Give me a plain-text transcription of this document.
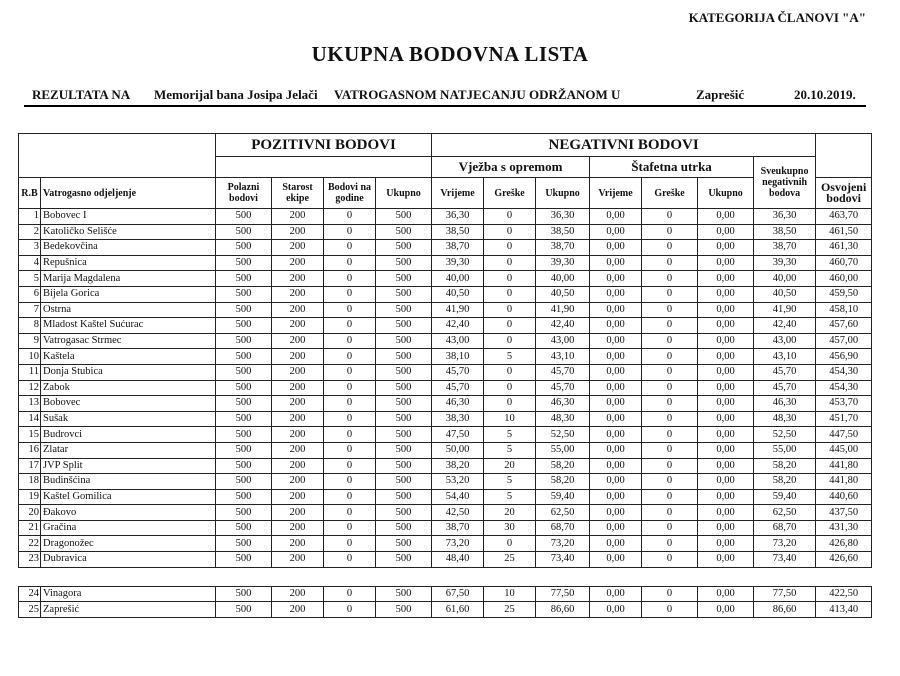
KATEGORIJA ČLANOVI "A"
UKUPNA BODOVNA LISTA
REZULTATA NA Memorijal bana Josipa Jelači VATROGASNOM NATJECANJU ODRŽANOM U	Zaprešić	20.10.2019.
		POZITIVNI BODOVI				NEGATIVNI BODOVI							
						Vježba s opremom			Štafetna utrka			Sveukupno negativnih bodova	
R.B	Vatrogasno odjeljenje	Polazni bodovi	Starost ekipe	Bodovi na godine	Ukupno	Vrijeme	Greške	Ukupno	Vrijeme	Greške	Ukupno		Osvojeni bodovi
1	Bobovec I	500	200	0	500	36,30	0	36,30	0,00	0	0,00	36,30	463,70
2	Katoličko Selišće	500	200	0	500	38,50	0	38,50	0,00	0	0,00	38,50	461,50
3	Bedekovčina	500	200	0	500	38,70	0	38,70	0,00	0	0,00	38,70	461,30
4	Repušnica	500	200	0	500	39,30	0	39,30	0,00	0	0,00	39,30	460,70
5	Marija Magdalena	500	200	0	500	40,00	0	40,00	0,00	0	0,00	40,00	460,00
6	Bijela Gorica	500	200	0	500	40,50	0	40,50	0,00	0	0,00	40,50	459,50
7	Ostrna	500	200	0	500	41,90	0	41,90	0,00	0	0,00	41,90	458,10
8	Mladost Kaštel Sućurac	500	200	0	500	42,40	0	42,40	0,00	0	0,00	42,40	457,60
9	Vatrogasac Strmec	500	200	0	500	43,00	0	43,00	0,00	0	0,00	43,00	457,00
10	Kaštela	500	200	0	500	38,10	5	43,10	0,00	0	0,00	43,10	456,90
11	Donja Stubica	500	200	0	500	45,70	0	45,70	0,00	0	0,00	45,70	454,30
12	Zabok	500	200	0	500	45,70	0	45,70	0,00	0	0,00	45,70	454,30
13	Bobovec	500	200	0	500	46,30	0	46,30	0,00	0	0,00	46,30	453,70
14	Sušak	500	200	0	500	38,30	10	48,30	0,00	0	0,00	48,30	451,70
15	Budrovci	500	200	0	500	47,50	5	52,50	0,00	0	0,00	52,50	447,50
16	Zlatar	500	200	0	500	50,00	5	55,00	0,00	0	0,00	55,00	445,00
17	JVP Split	500	200	0	500	38,20	20	58,20	0,00	0	0,00	58,20	441,80
18	Budinšćina	500	200	0	500	53,20	5	58,20	0,00	0	0,00	58,20	441,80
19	Kaštel Gomilica	500	200	0	500	54,40	5	59,40	0,00	0	0,00	59,40	440,60
20	Đakovo	500	200	0	500	42,50	20	62,50	0,00	0	0,00	62,50	437,50
21	Gračina	500	200	0	500	38,70	30	68,70	0,00	0	0,00	68,70	431,30
22	Dragonožec	500	200	0	500	73,20	0	73,20	0,00	0	0,00	73,20	426,80
23	Dubravica	500	200	0	500	48,40	25	73,40	0,00	0	0,00	73,40	426,60

24	Vinagora	500	200	0	500	67,50	10	77,50	0,00	0	0,00	77,50	422,50
25	Zaprešić	500	200	0	500	61,60	25	86,60	0,00	0	0,00	86,60	413,40
